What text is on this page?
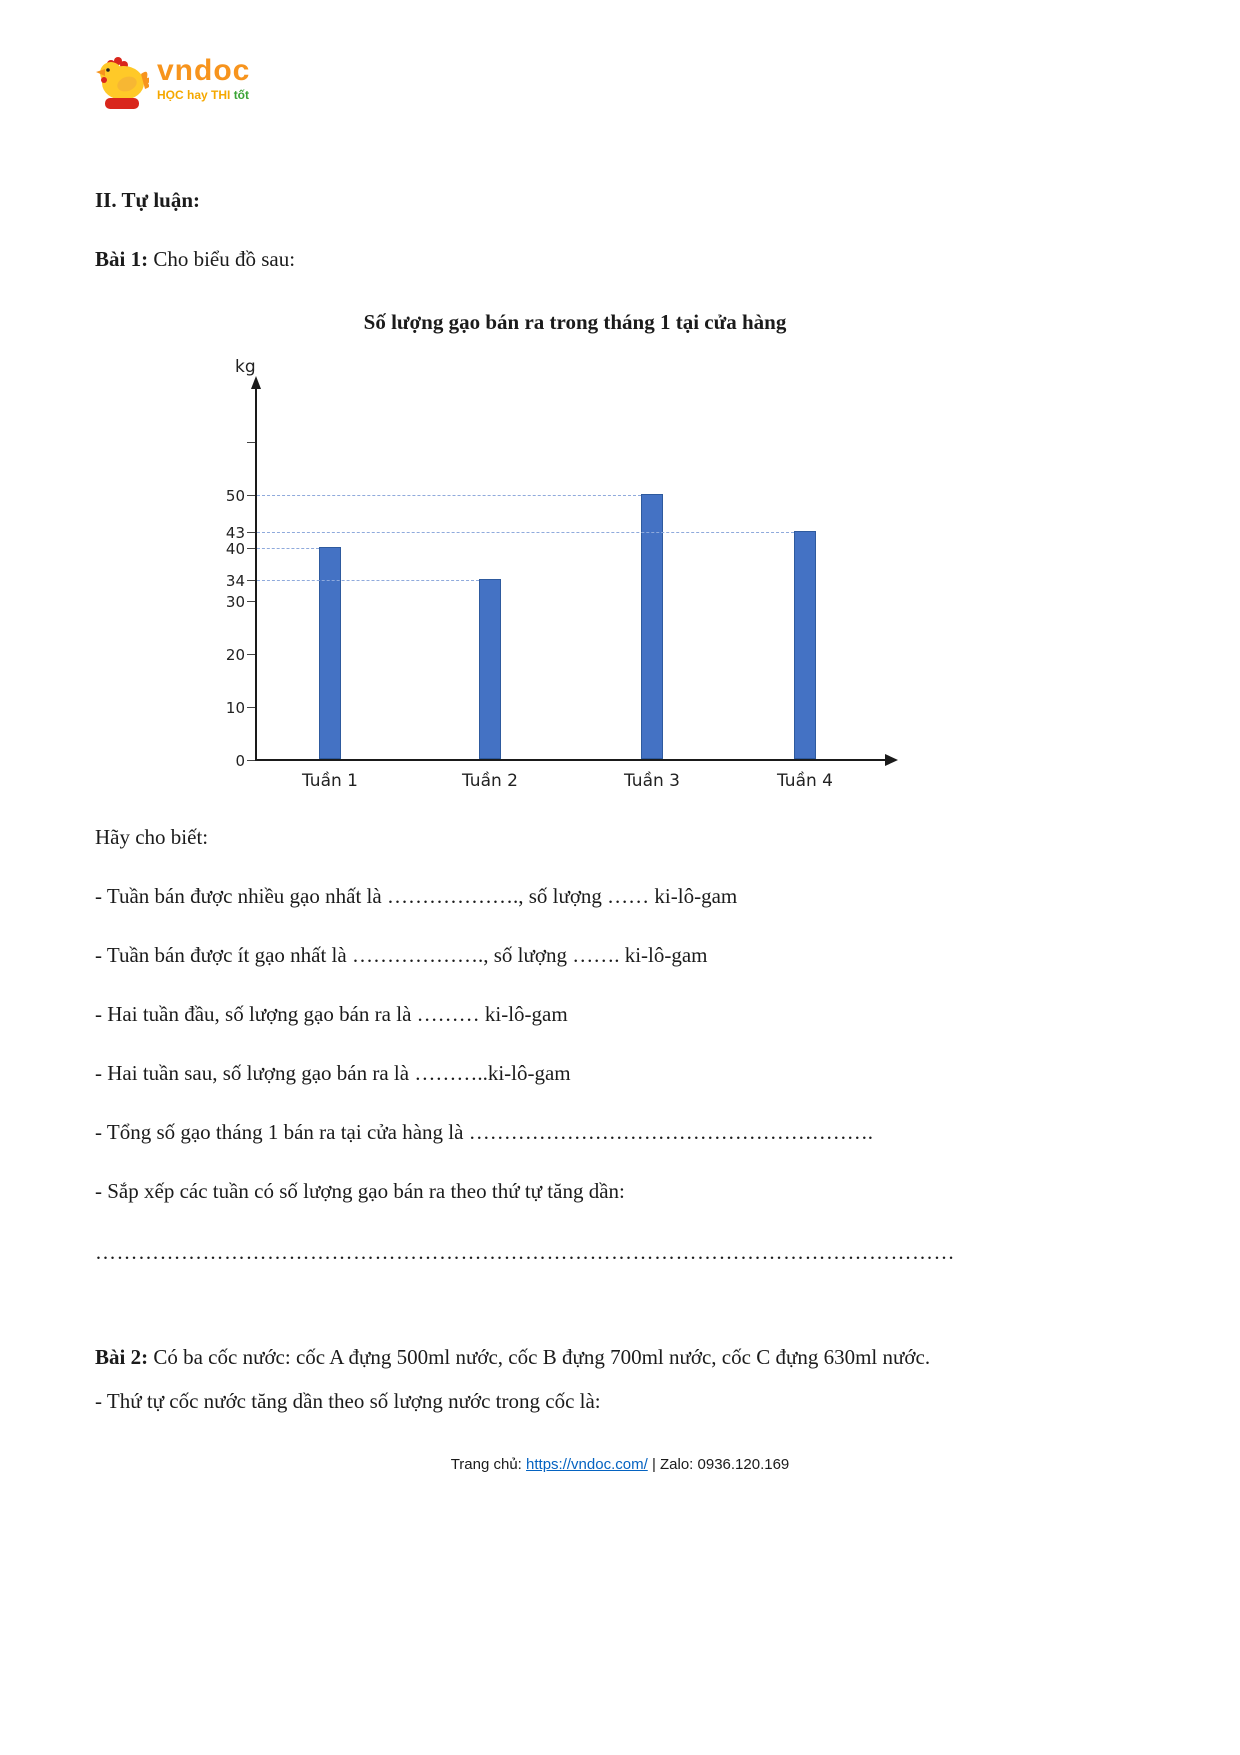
vndoc
HỌC hay THI tốt

II. Tự luận:

Bài 1: Cho biểu đồ sau:

Số lượng gạo bán ra trong tháng 1 tại cửa hàng

kg
0
10
20
30
34
40
43
50
Tuần 1	Tuần 2	Tuần 3	Tuần 4

Hãy cho biết:

- Tuần bán được nhiều gạo nhất là ………………., số lượng …… ki-lô-gam

- Tuần bán được ít gạo nhất là ………………., số lượng ……. ki-lô-gam

- Hai tuần đầu, số lượng gạo bán ra là ……… ki-lô-gam

- Hai tuần sau, số lượng gạo bán ra là ………..ki-lô-gam

- Tổng số gạo tháng 1 bán ra tại cửa hàng là ………………………………………………….

- Sắp xếp các tuần có số lượng gạo bán ra theo thứ tự tăng dần:

…………………………………………………………………………………………………………

Bài 2: Có ba cốc nước: cốc A đựng 500ml nước, cốc B đựng 700ml nước, cốc C đựng 630ml nước.

- Thứ tự cốc nước tăng dần theo số lượng nước trong cốc là:

Trang chủ: https://vndoc.com/ | Zalo: 0936.120.169
